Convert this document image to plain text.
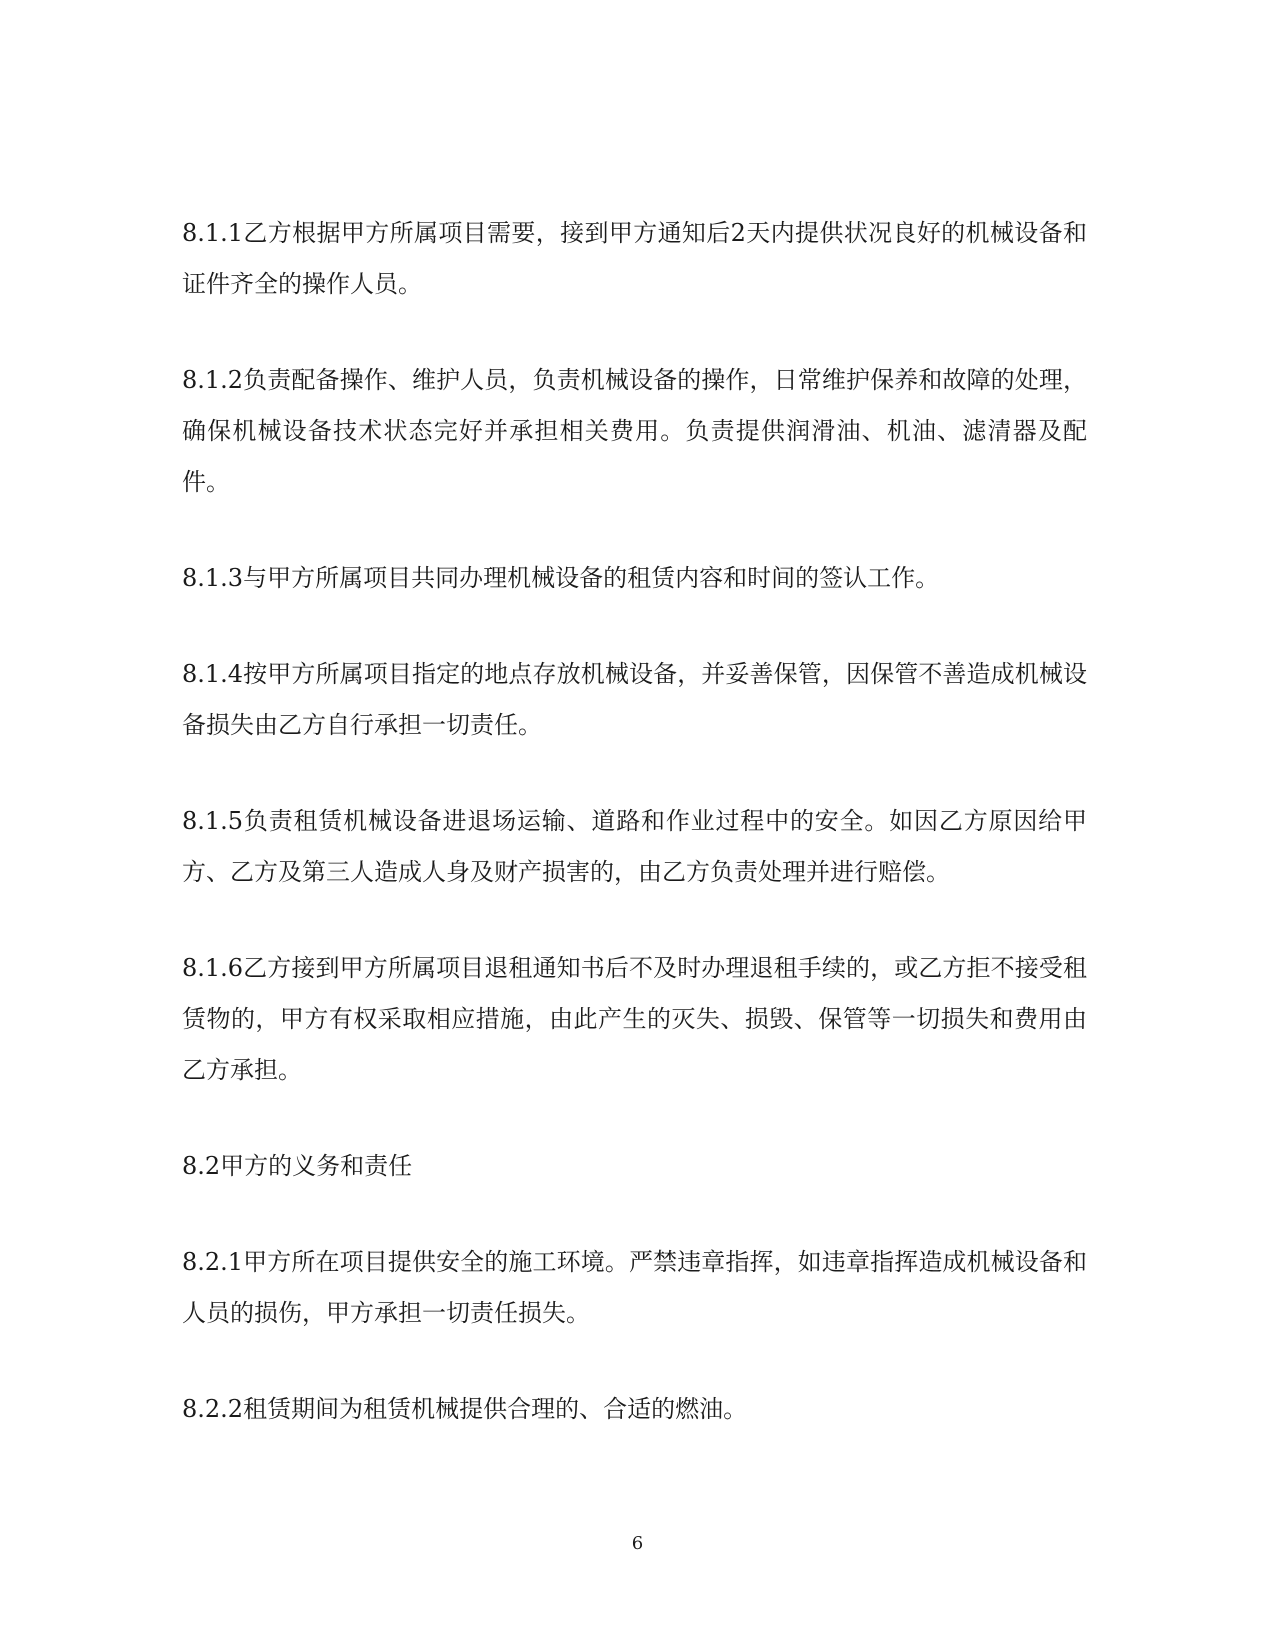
8.1.1乙方根据甲方所属项目需要，接到甲方通知后2天内提供状况良好的机械设备和证件齐全的操作人员。

8.1.2负责配备操作、维护人员，负责机械设备的操作，日常维护保养和故障的处理，确保机械设备技术状态完好并承担相关费用。负责提供润滑油、机油、滤清器及配件。

8.1.3与甲方所属项目共同办理机械设备的租赁内容和时间的签认工作。

8.1.4按甲方所属项目指定的地点存放机械设备，并妥善保管，因保管不善造成机械设备损失由乙方自行承担一切责任。

8.1.5负责租赁机械设备进退场运输、道路和作业过程中的安全。如因乙方原因给甲方、乙方及第三人造成人身及财产损害的，由乙方负责处理并进行赔偿。

8.1.6乙方接到甲方所属项目退租通知书后不及时办理退租手续的，或乙方拒不接受租赁物的，甲方有权采取相应措施，由此产生的灭失、损毁、保管等一切损失和费用由乙方承担。

8.2甲方的义务和责任

8.2.1甲方所在项目提供安全的施工环境。严禁违章指挥，如违章指挥造成机械设备和人员的损伤，甲方承担一切责任损失。

8.2.2租赁期间为租赁机械提供合理的、合适的燃油。

6
